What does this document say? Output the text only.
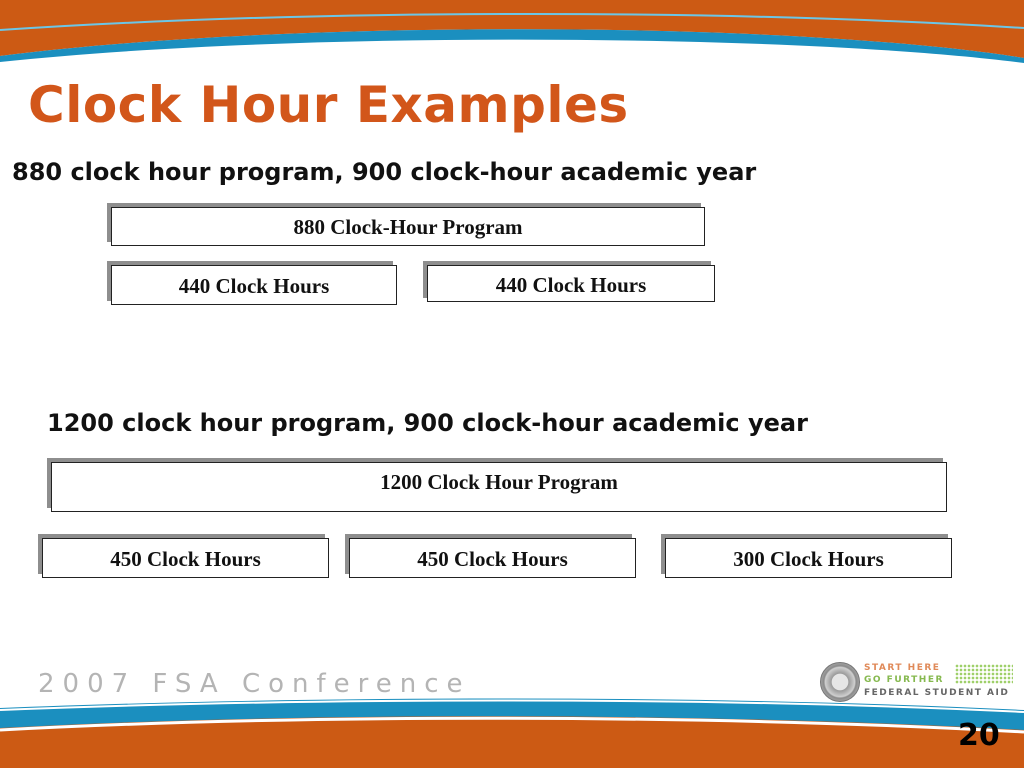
Clock Hour Examples
880 clock hour program, 900 clock-hour academic year
880 Clock-Hour Program
440 Clock Hours	440 Clock Hours
1200 clock hour program, 900 clock-hour academic year
1200 Clock Hour Program
450 Clock Hours	450 Clock Hours	300 Clock Hours
2007 FSA Conference
START HERE
GO FURTHER
FEDERAL STUDENT AID
20
